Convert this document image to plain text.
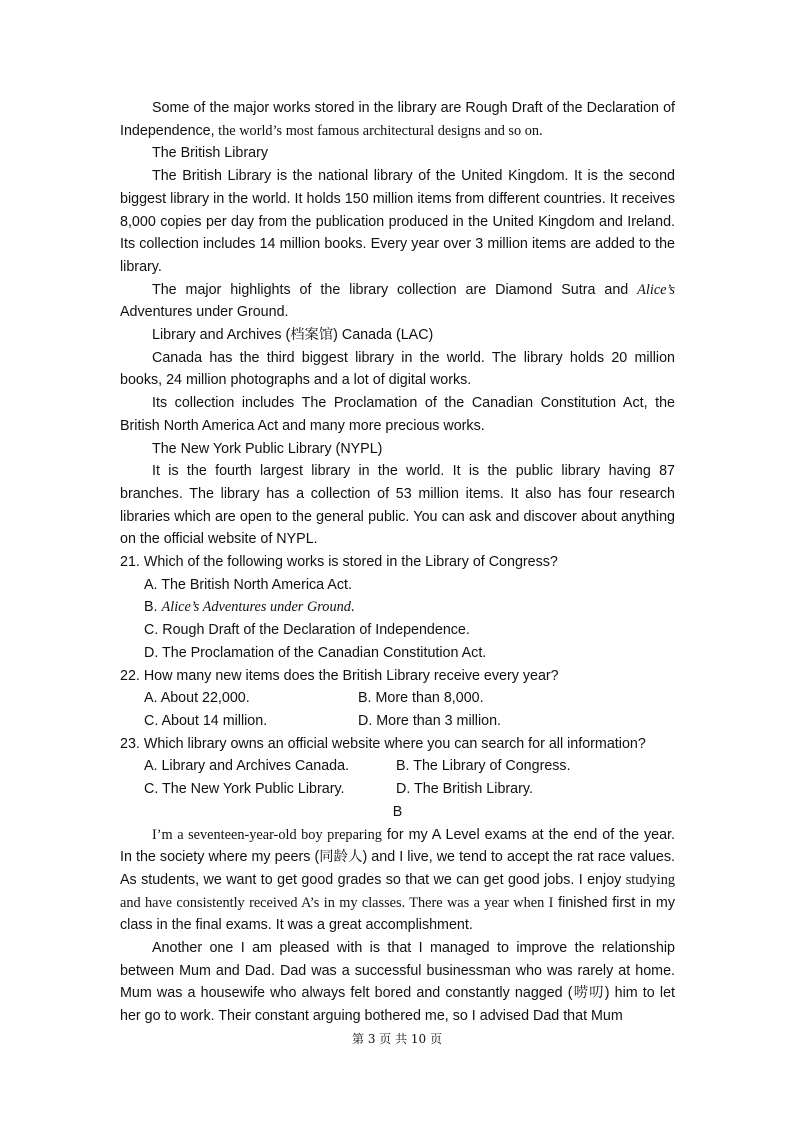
Some of the major works stored in the library are Rough Draft of the Declaration of Independence, the world’s most famous architectural designs and so on.

The British Library

The British Library is the national library of the United Kingdom. It is the second biggest library in the world. It holds 150 million items from different countries. It receives 8,000 copies per day from the publication produced in the United Kingdom and Ireland. Its collection includes 14 million books. Every year over 3 million items are added to the library.

The major highlights of the library collection are Diamond Sutra and Alice’s Adventures under Ground.

Library and Archives (档案馆) Canada (LAC)

Canada has the third biggest library in the world. The library holds 20 million books, 24 million photographs and a lot of digital works.

Its collection includes The Proclamation of the Canadian Constitution Act, the British North America Act and many more precious works.

The New York Public Library (NYPL)

It is the fourth largest library in the world. It is the public library having 87 branches. The library has a collection of 53 million items. It also has four research libraries which are open to the general public. You can ask and discover about anything on the official website of NYPL.

21. Which of the following works is stored in the Library of Congress?

A. The British North America Act.

B. Alice’s Adventures under Ground.

C. Rough Draft of the Declaration of Independence.

D. The Proclamation of the Canadian Constitution Act.

22. How many new items does the British Library receive every year?

A. About 22,000.	B. More than 8,000.
C. About 14 million.	D. More than 3 million.

23. Which library owns an official website where you can search for all information?

A. Library and Archives Canada.	B. The Library of Congress.
C. The New York Public Library.	D. The British Library.

B

I’m a seventeen-year-old boy preparing for my A Level exams at the end of the year. In the society where my peers (同龄人) and I live, we tend to accept the rat race values. As students, we want to get good grades so that we can get good jobs. I enjoy studying and have consistently received A’s in my classes. There was a year when I finished first in my class in the final exams. It was a great accomplishment.

Another one I am pleased with is that I managed to improve the relationship between Mum and Dad. Dad was a successful businessman who was rarely at home. Mum was a housewife who always felt bored and constantly nagged (唠叨) him to let her go to work. Their constant arguing bothered me, so I advised Dad that Mum

第 3 页 共 10 页
